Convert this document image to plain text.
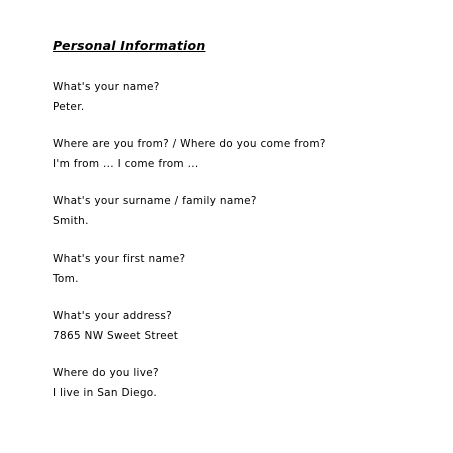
Personal Information
What's your name?
Peter.
Where are you from? / Where do you come from?
I'm from ... I come from ...
What's your surname / family name?
Smith.
What's your first name?
Tom.
What's your address?
7865 NW Sweet Street
Where do you live?
I live in San Diego.
